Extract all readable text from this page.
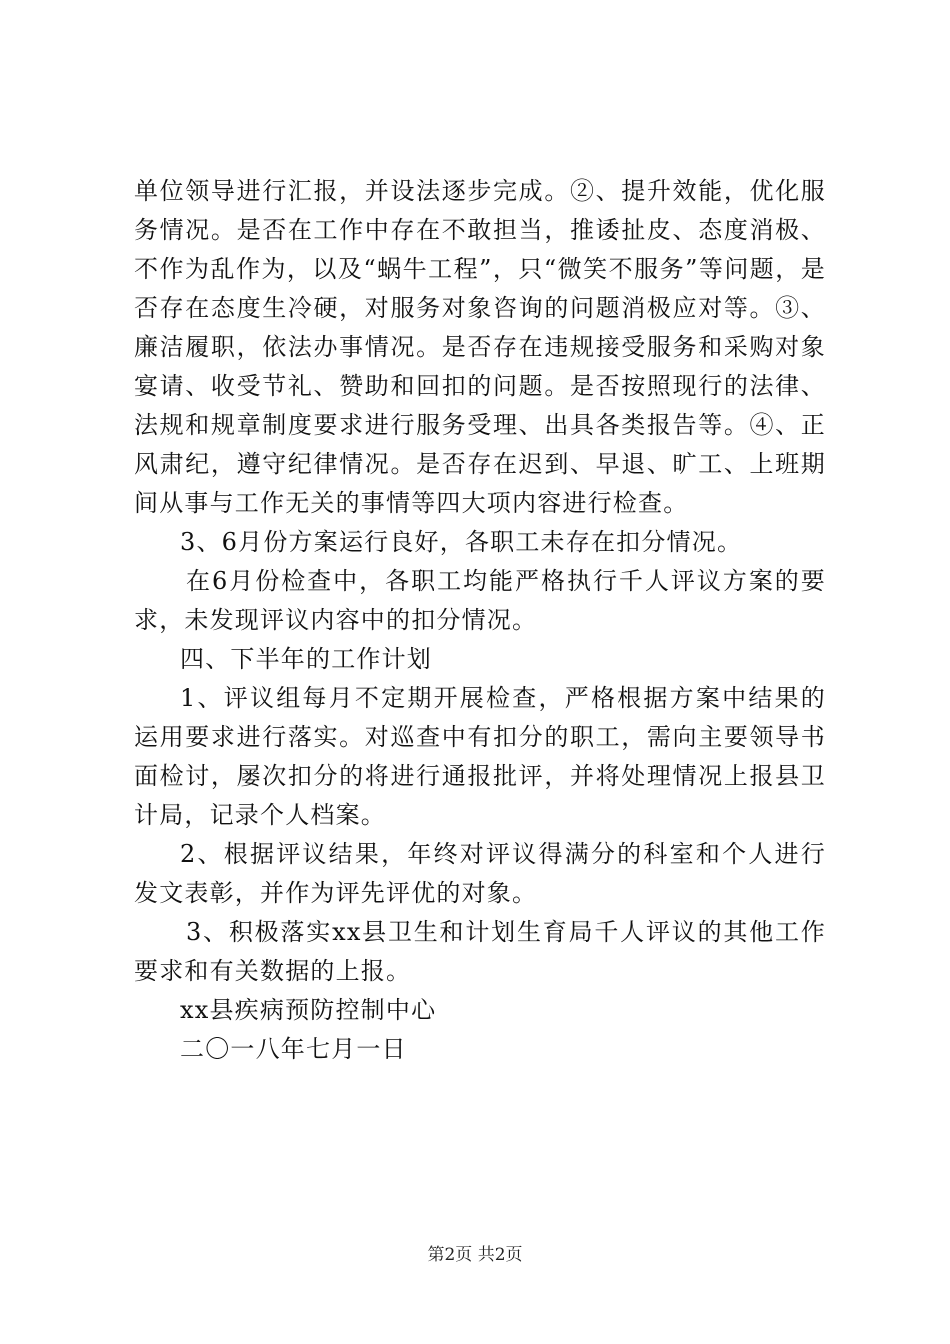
单位领导进行汇报，并设法逐步完成。②、提升效能，优化服务情况。是否在工作中存在不敢担当，推诿扯皮、态度消极、不作为乱作为，以及“蜗牛工程”，只“微笑不服务”等问题，是否存在态度生冷硬，对服务对象咨询的问题消极应对等。③、廉洁履职，依法办事情况。是否存在违规接受服务和采购对象宴请、收受节礼、赞助和回扣的问题。是否按照现行的法律、法规和规章制度要求进行服务受理、出具各类报告等。④、正风肃纪，遵守纪律情况。是否存在迟到、早退、旷工、上班期间从事与工作无关的事情等四大项内容进行检查。

3、6月份方案运行良好，各职工未存在扣分情况。

在6月份检查中，各职工均能严格执行千人评议方案的要求，未发现评议内容中的扣分情况。

四、下半年的工作计划

1、评议组每月不定期开展检查，严格根据方案中结果的运用要求进行落实。对巡查中有扣分的职工，需向主要领导书面检讨，屡次扣分的将进行通报批评，并将处理情况上报县卫计局，记录个人档案。

2、根据评议结果，年终对评议得满分的科室和个人进行发文表彰，并作为评先评优的对象。

3、积极落实xx县卫生和计划生育局千人评议的其他工作要求和有关数据的上报。

xx县疾病预防控制中心

二〇一八年七月一日

第2页 共2页
